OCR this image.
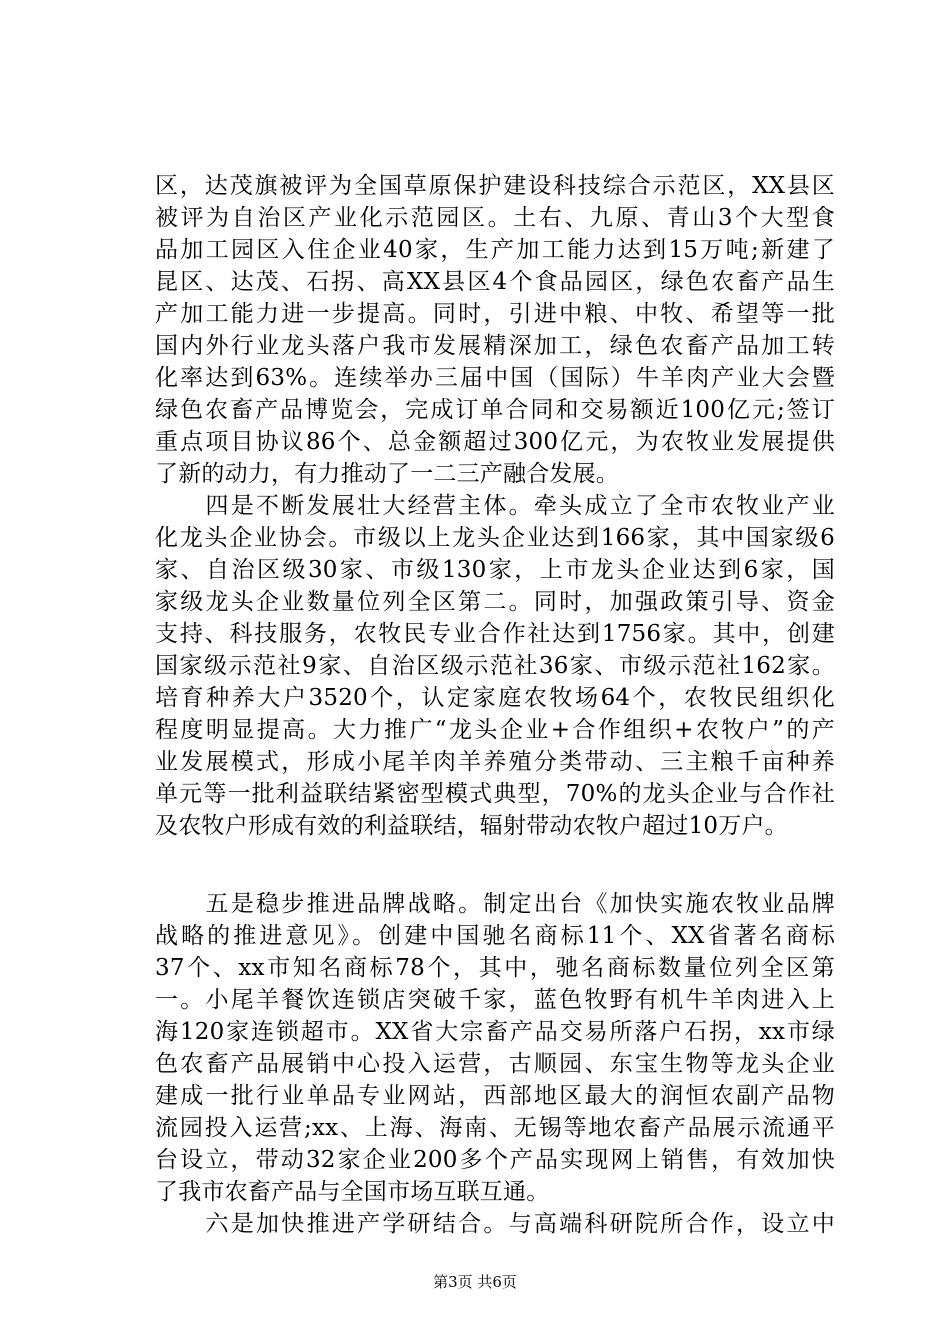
区，达茂旗被评为全国草原保护建设科技综合示范区，XX县区
被评为自治区产业化示范园区。土右、九原、青山3个大型食
品加工园区入住企业40家，生产加工能力达到15万吨;新建了
昆区、达茂、石拐、高XX县区4个食品园区，绿色农畜产品生
产加工能力进一步提高。同时，引进中粮、中牧、希望等一批
国内外行业龙头落户我市发展精深加工，绿色农畜产品加工转
化率达到63%。连续举办三届中国（国际）牛羊肉产业大会暨
绿色农畜产品博览会，完成订单合同和交易额近100亿元;签订
重点项目协议86个、总金额超过300亿元，为农牧业发展提供
了新的动力，有力推动了一二三产融合发展。
　　四是不断发展壮大经营主体。牵头成立了全市农牧业产业
化龙头企业协会。市级以上龙头企业达到166家，其中国家级6
家、自治区级30家、市级130家，上市龙头企业达到6家，国
家级龙头企业数量位列全区第二。同时，加强政策引导、资金
支持、科技服务，农牧民专业合作社达到1756家。其中，创建
国家级示范社9家、自治区级示范社36家、市级示范社162家。
培育种养大户3520个，认定家庭农牧场64个，农牧民组织化
程度明显提高。大力推广“龙头企业+合作组织+农牧户”的产
业发展模式，形成小尾羊肉羊养殖分类带动、三主粮千亩种养
单元等一批利益联结紧密型模式典型，70%的龙头企业与合作社
及农牧户形成有效的利益联结，辐射带动农牧户超过10万户。
　　五是稳步推进品牌战略。制定出台《加快实施农牧业品牌
战略的推进意见》。创建中国驰名商标11个、XX省著名商标
37个、xx市知名商标78个，其中，驰名商标数量位列全区第
一。小尾羊餐饮连锁店突破千家，蓝色牧野有机牛羊肉进入上
海120家连锁超市。XX省大宗畜产品交易所落户石拐，xx市绿
色农畜产品展销中心投入运营，古顺园、东宝生物等龙头企业
建成一批行业单品专业网站，西部地区最大的润恒农副产品物
流园投入运营;xx、上海、海南、无锡等地农畜产品展示流通平
台设立，带动32家企业200多个产品实现网上销售，有效加快
了我市农畜产品与全国市场互联互通。
　　六是加快推进产学研结合。与高端科研院所合作，设立中
第3页 共6页
